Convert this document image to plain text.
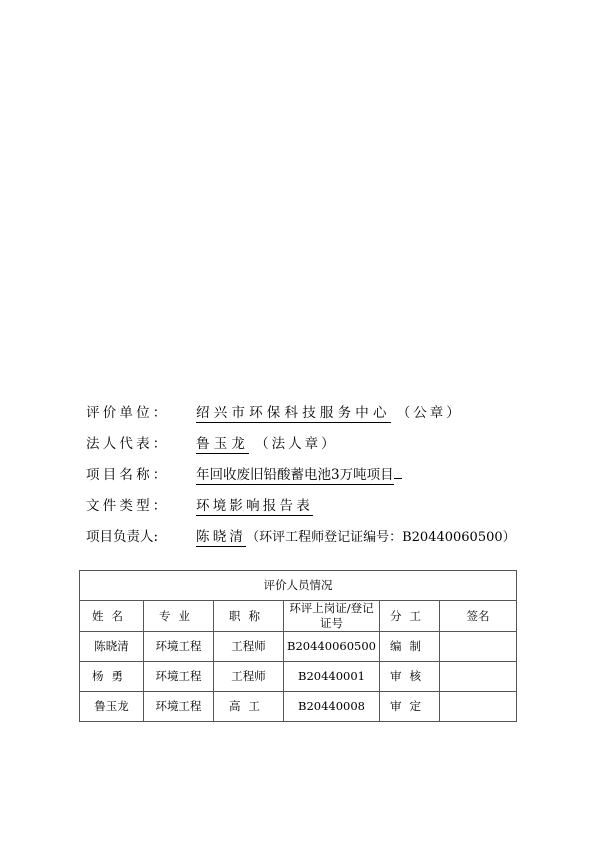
评价单位： 绍兴市环保科技服务中心 （公章）
法人代表： 鲁玉龙 （法人章）
项目名称： 年回收废旧铅酸蓄电池3万吨项目
文件类型： 环境影响报告表
项目负责人:	陈晓清（环评工程师登记证编号：B20440060500）
评价人员情况					
姓名	专业	职称	环评上岗证/登记证号	分工	签名
陈晓清	环境工程	工程师	B20440060500	编制	
杨勇	环境工程	工程师	B20440001	审核	
鲁玉龙	环境工程	高工	B20440008	审定	
